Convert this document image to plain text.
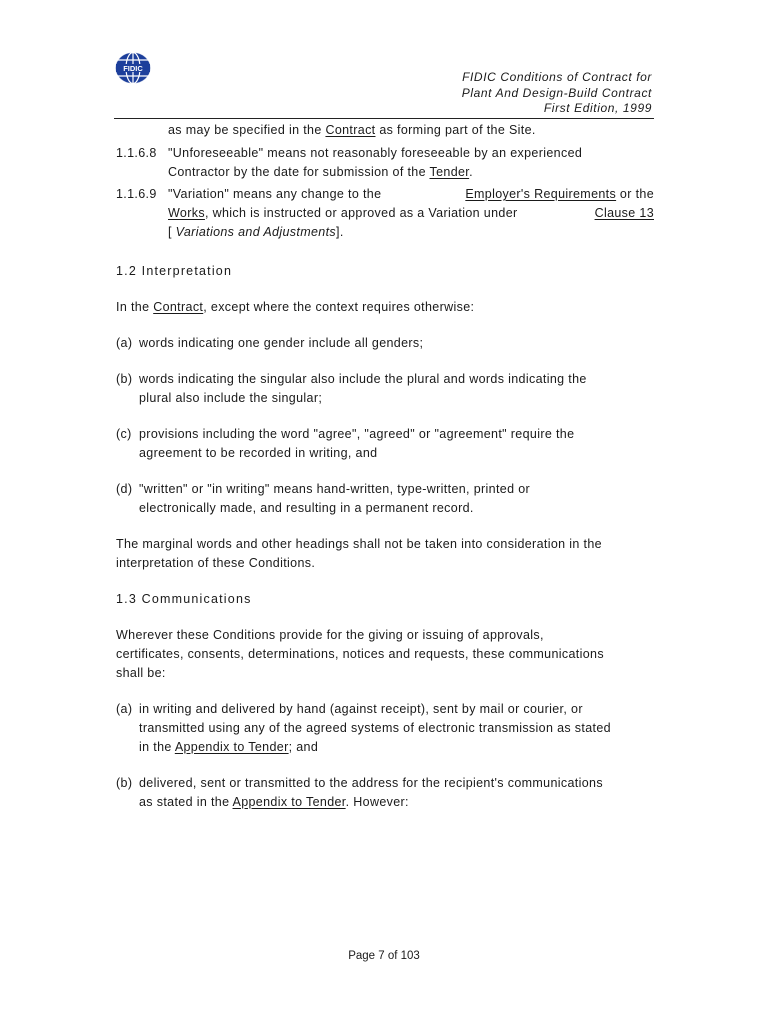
FIDIC
FIDIC Conditions of Contract for
Plant And Design-Build Contract
First Edition, 1999
as may be specified in the Contract as forming part of the Site.
1.1.6.8 "Unforeseeable" means not reasonably foreseeable by an experienced
Contractor by the date for submission of the Tender.
1.1.6.9 "Variation" means any change to the	Employer's Requirements or the
Works, which is instructed or approved as a Variation under	Clause 13
[ Variations and Adjustments].
1.2 Interpretation
In the Contract, except where the context requires otherwise:
(a) words indicating one gender include all genders;
(b) words indicating the singular also include the plural and words indicating the
plural also include the singular;
(c) provisions including the word "agree", "agreed" or "agreement" require the
agreement to be recorded in writing, and
(d) "written" or "in writing" means hand-written, type-written, printed or
electronically made, and resulting in a permanent record.
The marginal words and other headings shall not be taken into consideration in the
interpretation of these Conditions.
1.3 Communications
Wherever these Conditions provide for the giving or issuing of approvals,
certificates, consents, determinations, notices and requests, these communications
shall be:
(a) in writing and delivered by hand (against receipt), sent by mail or courier, or
transmitted using any of the agreed systems of electronic transmission as stated
in the Appendix to Tender; and
(b) delivered, sent or transmitted to the address for the recipient's communications
as stated in the Appendix to Tender. However:
Page 7 of 103
